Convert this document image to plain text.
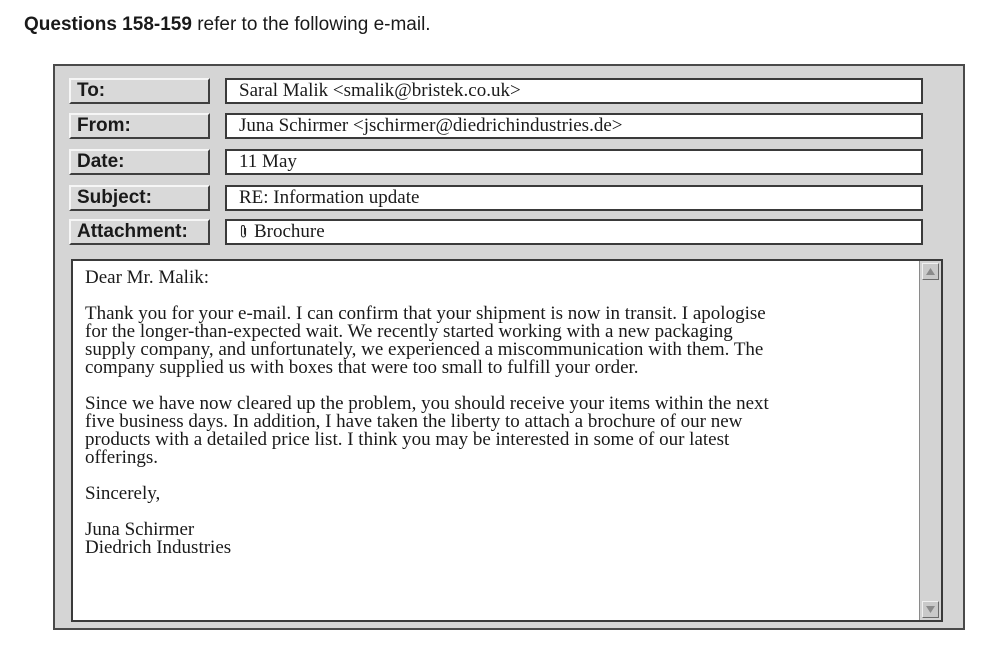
Questions 158-159 refer to the following e-mail.
To:	Saral Malik <smalik@bristek.co.uk>
From:	Juna Schirmer <jschirmer@diedrichindustries.de>
Date:	11 May
Subject:	RE: Information update
Attachment:	Brochure

Dear Mr. Malik:

Thank you for your e-mail. I can confirm that your shipment is now in transit. I apologise
for the longer-than-expected wait. We recently started working with a new packaging
supply company, and unfortunately, we experienced a miscommunication with them. The
company supplied us with boxes that were too small to fulfill your order.

Since we have now cleared up the problem, you should receive your items within the next
five business days. In addition, I have taken the liberty to attach a brochure of our new
products with a detailed price list. I think you may be interested in some of our latest
offerings.

Sincerely,

Juna Schirmer

Diedrich Industries
